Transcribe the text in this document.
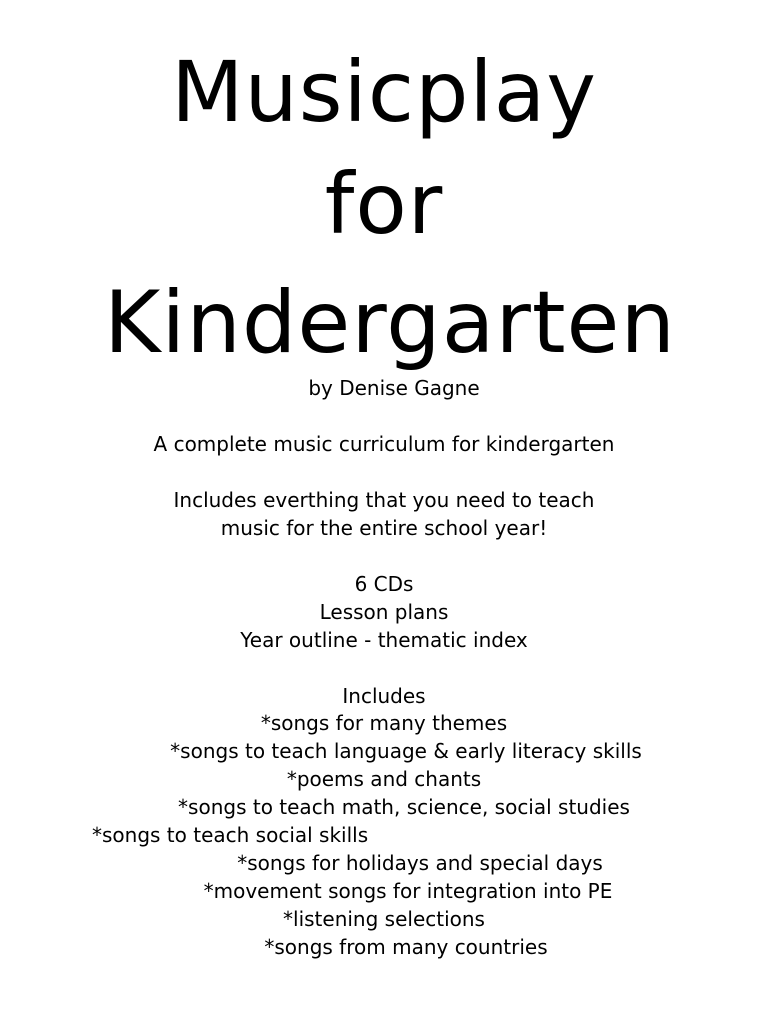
Musicplay
for
Kindergarten
by Denise Gagne
A complete music curriculum for kindergarten
Includes everthing that you need to teach
music for the entire school year!
6 CDs
Lesson plans
Year outline - thematic index
Includes
*songs for many themes
*songs to teach language & early literacy skills
*poems and chants
*songs to teach math, science, social studies
*songs to teach social skills
*songs for holidays and special days
*movement songs for integration into PE
*listening selections
*songs from many countries
